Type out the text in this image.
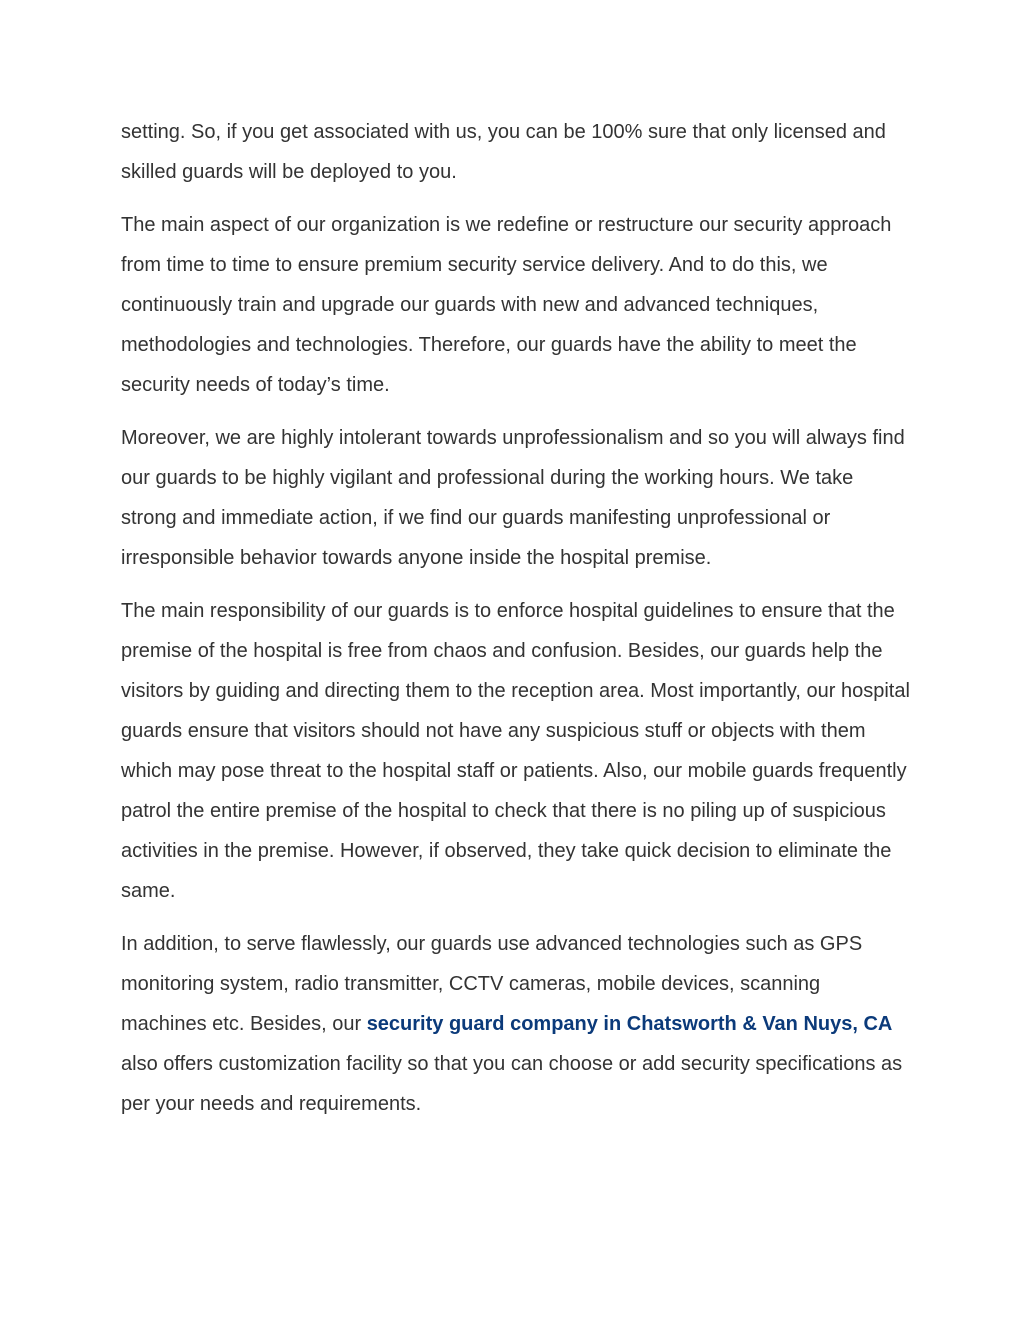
setting. So, if you get associated with us, you can be 100% sure that only licensed and skilled guards will be deployed to you.

The main aspect of our organization is we redefine or restructure our security approach from time to time to ensure premium security service delivery. And to do this, we continuously train and upgrade our guards with new and advanced techniques, methodologies and technologies. Therefore, our guards have the ability to meet the security needs of today’s time.

Moreover, we are highly intolerant towards unprofessionalism and so you will always find our guards to be highly vigilant and professional during the working hours. We take strong and immediate action, if we find our guards manifesting unprofessional or irresponsible behavior towards anyone inside the hospital premise.

The main responsibility of our guards is to enforce hospital guidelines to ensure that the premise of the hospital is free from chaos and confusion. Besides, our guards help the visitors by guiding and directing them to the reception area. Most importantly, our hospital guards ensure that visitors should not have any suspicious stuff or objects with them which may pose threat to the hospital staff or patients. Also, our mobile guards frequently patrol the entire premise of the hospital to check that there is no piling up of suspicious activities in the premise. However, if observed, they take quick decision to eliminate the same.

In addition, to serve flawlessly, our guards use advanced technologies such as GPS monitoring system, radio transmitter, CCTV cameras, mobile devices, scanning machines etc. Besides, our security guard company in Chatsworth & Van Nuys, CA also offers customization facility so that you can choose or add security specifications as per your needs and requirements.
